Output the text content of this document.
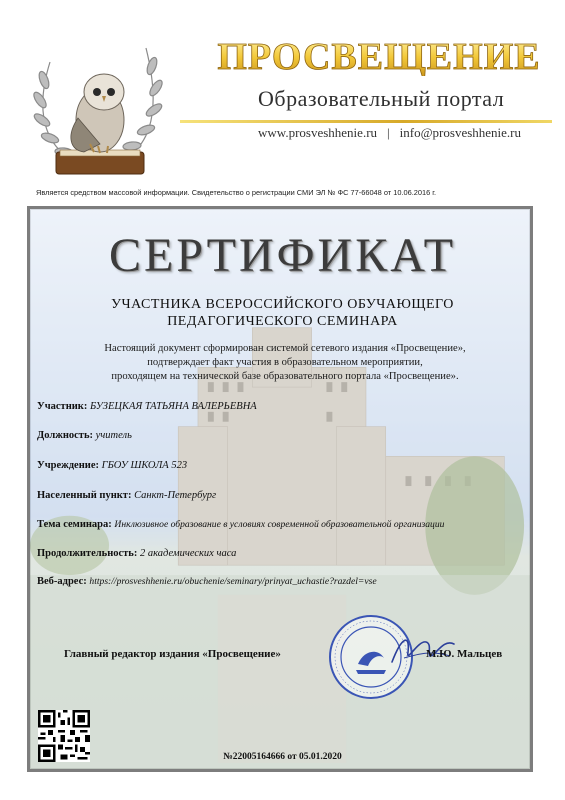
ПРОСВЕЩЕНИЕ
Образовательный портал
www.prosveshhenie.ru | info@prosveshhenie.ru
Является средством массовой информации. Свидетельство о регистрации СМИ ЭЛ № ФС 77-66048 от 10.06.2016 г.
СЕРТИФИКАТ
УЧАСТНИКА ВСЕРОССИЙСКОГО ОБУЧАЮЩЕГО
ПЕДАГОГИЧЕСКОГО СЕМИНАРА
Настоящий документ сформирован системой сетевого издания «Просвещение»,
подтверждает факт участия в образовательном мероприятии,
проходящем на технической базе образовательного портала «Просвещение».
Участник: БУЗЕЦКАЯ ТАТЬЯНА ВАЛЕРЬЕВНА
Должность: учитель
Учреждение: ГБОУ ШКОЛА 523
Населенный пункт: Санкт-Петербург
Тема семинара: Инклюзивное образование в условиях современной образовательной организации
Продолжительность: 2 академических часа
Веб-адрес: https://prosveshhenie.ru/obuchenie/seminary/prinyat_uchastie?razdel=vse
Главный редактор издания «Просвещение»	М.Ю. Мальцев
№22005164666 от 05.01.2020
